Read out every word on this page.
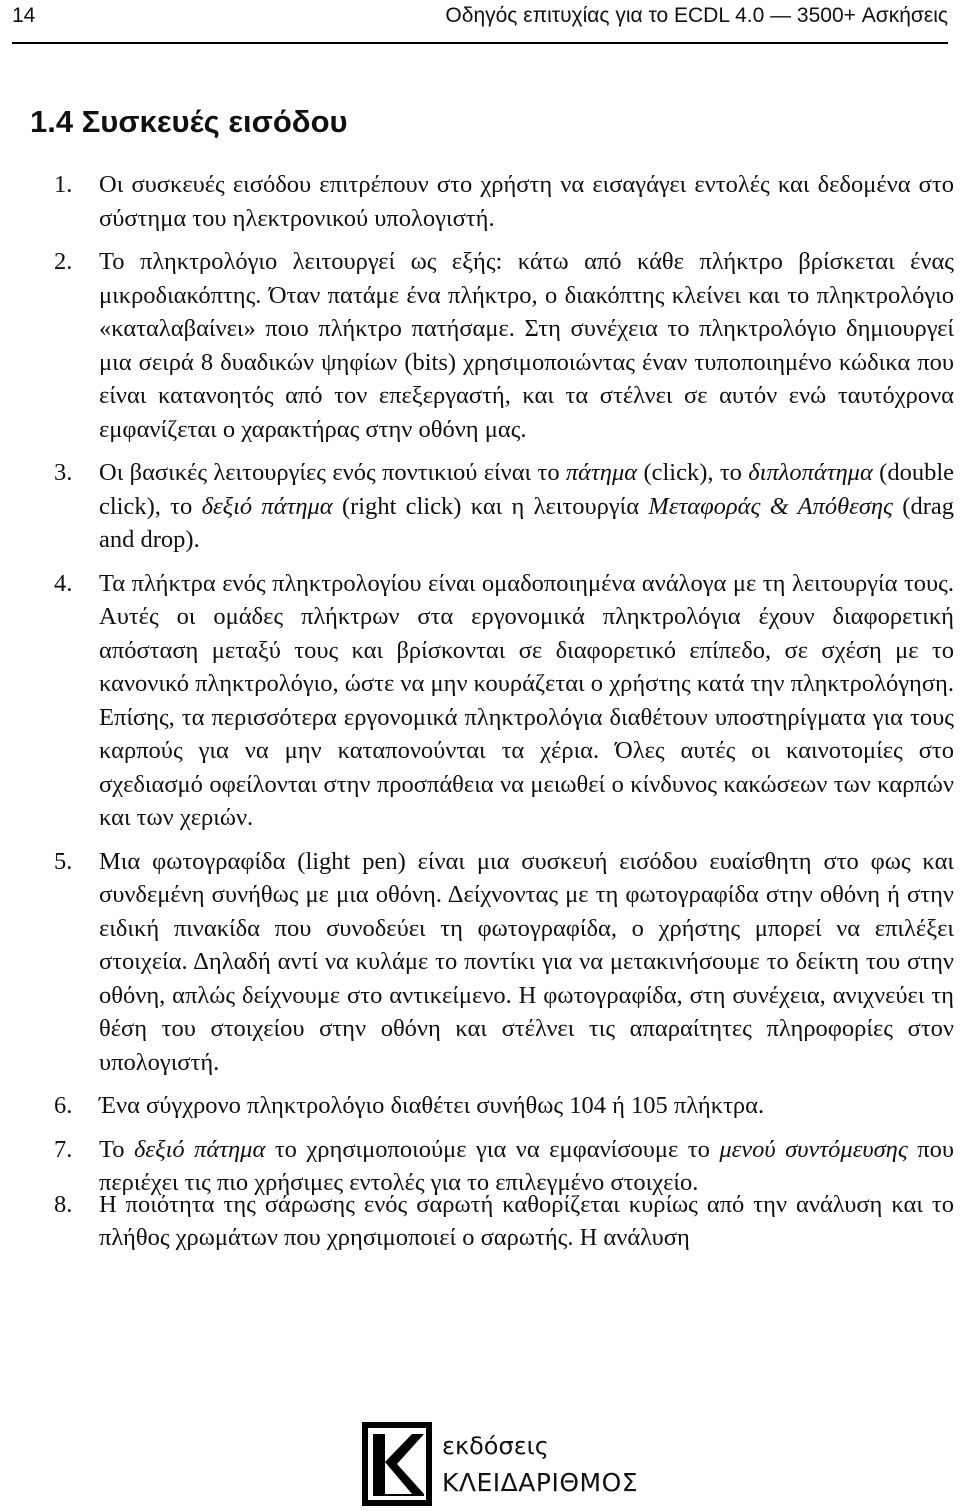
14	Οδηγός επιτυχίας για το ECDL 4.0 — 3500+ Ασκήσεις
1.4 Συσκευές εισόδου
1. Οι συσκευές εισόδου επιτρέπουν στο χρήστη να εισαγάγει εντολές και δεδομένα στο σύστημα του ηλεκτρονικού υπολογιστή.
2. Το πληκτρολόγιο λειτουργεί ως εξής: κάτω από κάθε πλήκτρο βρίσκεται ένας μικροδιακόπτης. Όταν πατάμε ένα πλήκτρο, ο διακόπτης κλείνει και το πληκτρολόγιο «καταλαβαίνει» ποιο πλήκτρο πατήσαμε. Στη συνέχεια το πληκτρολόγιο δημιουργεί μια σειρά 8 δυαδικών ψηφίων (bits) χρησιμοποιώντας έναν τυποποιημένο κώδικα που είναι κατανοητός από τον επεξεργαστή, και τα στέλνει σε αυτόν ενώ ταυτόχρονα εμφανίζεται ο χαρακτήρας στην οθόνη μας.
3. Οι βασικές λειτουργίες ενός ποντικιού είναι το πάτημα (click), το διπλοπάτημα (double click), το δεξιό πάτημα (right click) και η λειτουργία Μεταφοράς & Απόθεσης (drag and drop).
4. Τα πλήκτρα ενός πληκτρολογίου είναι ομαδοποιημένα ανάλογα με τη λειτουργία τους. Αυτές οι ομάδες πλήκτρων στα εργονομικά πληκτρολόγια έχουν διαφορετική απόσταση μεταξύ τους και βρίσκονται σε διαφορετικό επίπεδο, σε σχέση με το κανονικό πληκτρολόγιο, ώστε να μην κουράζεται ο χρήστης κατά την πληκτρολόγηση. Επίσης, τα περισσότερα εργονομικά πληκτρολόγια διαθέτουν υποστηρίγματα για τους καρπούς για να μην καταπονούνται τα χέρια. Όλες αυτές οι καινοτομίες στο σχεδιασμό οφείλονται στην προσπάθεια να μειωθεί ο κίνδυνος κακώσεων των καρπών και των χεριών.
5. Μια φωτογραφίδα (light pen) είναι μια συσκευή εισόδου ευαίσθητη στο φως και συνδεμένη συνήθως με μια οθόνη. Δείχνοντας με τη φωτογραφίδα στην οθόνη ή στην ειδική πινακίδα που συνοδεύει τη φωτογραφίδα, ο χρήστης μπορεί να επιλέξει στοιχεία. Δηλαδή αντί να κυλάμε το ποντίκι για να μετακινήσουμε το δείκτη του στην οθόνη, απλώς δείχνουμε στο αντικείμενο. Η φωτογραφίδα, στη συνέχεια, ανιχνεύει τη θέση του στοιχείου στην οθόνη και στέλνει τις απαραίτητες πληροφορίες στον υπολογιστή.
6. Ένα σύγχρονο πληκτρολόγιο διαθέτει συνήθως 104 ή 105 πλήκτρα.
7. Το δεξιό πάτημα το χρησιμοποιούμε για να εμφανίσουμε το μενού συντόμευσης που περιέχει τις πιο χρήσιμες εντολές για το επιλεγμένο στοιχείο.
8. Η ποιότητα της σάρωσης ενός σαρωτή καθορίζεται κυρίως από την ανάλυση και το πλήθος χρωμάτων που χρησιμοποιεί ο σαρωτής. Η ανάλυση
εκδόσεις
ΚΛΕΙΔΑΡΙΘΜΟΣ
